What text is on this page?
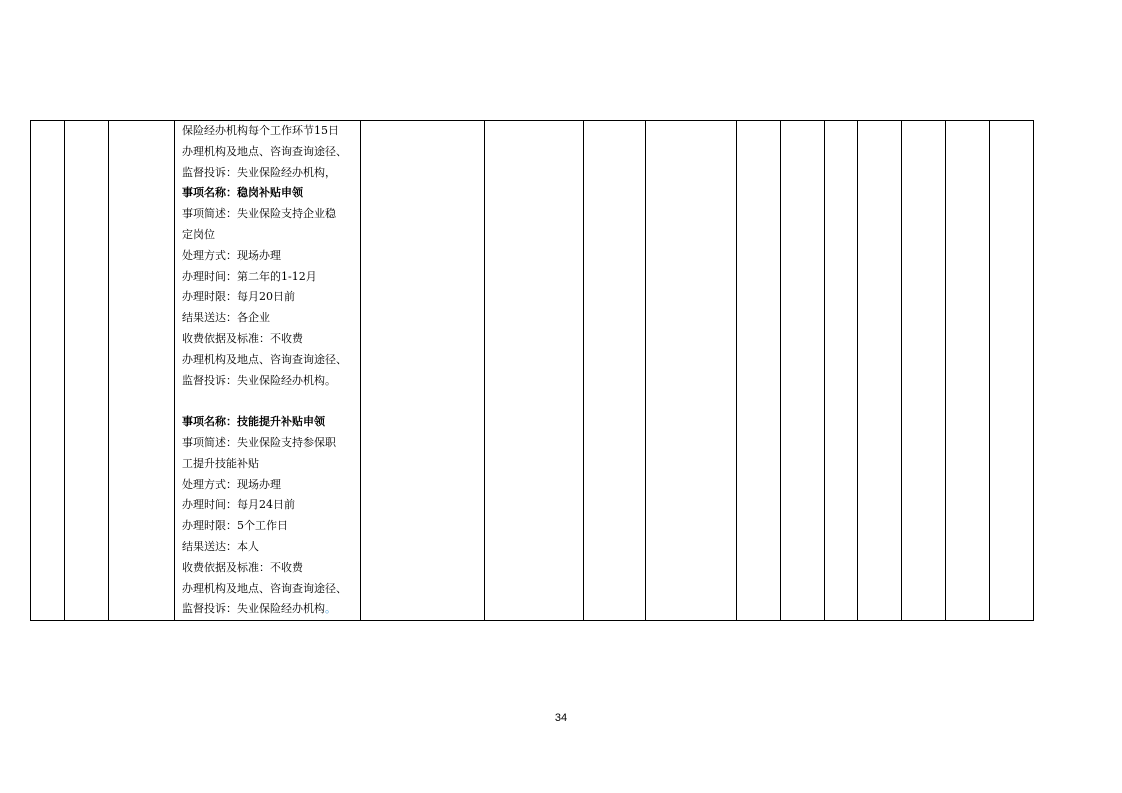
保险经办机构每个工作环节15日
办理机构及地点、咨询查询途径、
监督投诉：失业保险经办机构，
事项名称：稳岗补贴申领
事项简述：失业保险支持企业稳
定岗位
处理方式：现场办理
办理时间：第二年的1-12月
办理时限：每月20日前
结果送达：各企业
收费依据及标准：不收费
办理机构及地点、咨询查询途径、
监督投诉：失业保险经办机构。
事项名称：技能提升补贴申领
事项简述：失业保险支持参保职
工提升技能补贴
处理方式：现场办理
办理时间：每月24日前
办理时限：5个工作日
结果送达：本人
收费依据及标准：不收费
办理机构及地点、咨询查询途径、
监督投诉：失业保险经办机构。

34
